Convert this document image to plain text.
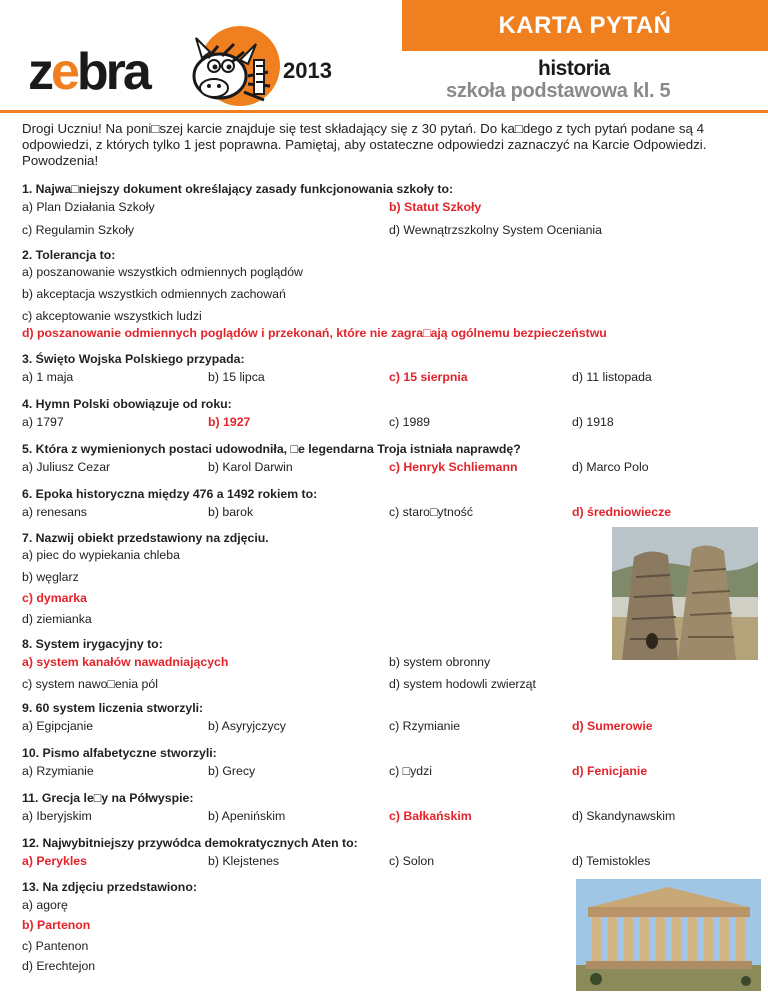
KARTA PYTAŃ
zebra	2013	historia
szkoła podstawowa kl. 5
Drogi Uczniu! Na poni□szej karcie znajduje się test składający się z 30 pytań. Do ka□dego z tych pytań podane są 4 odpowiedzi, z których tylko 1 jest poprawna. Pamiętaj, aby ostateczne odpowiedzi zaznaczyć na Karcie Odpowiedzi. Powodzenia!
1. Najwa□niejszy dokument określający zasady funkcjonowania szkoły to:
a) Plan Działania Szkoły	b) Statut Szkoły
c) Regulamin Szkoły	d) Wewnątrzszkolny System Oceniania
2. Tolerancja to:
a) poszanowanie wszystkich odmiennych poglądów
b) akceptacja wszystkich odmiennych zachowań
c) akceptowanie wszystkich ludzi
d) poszanowanie odmiennych poglądów i przekonań, które nie zagra□ają ogólnemu bezpieczeństwu
3. Święto Wojska Polskiego przypada:
a) 1 maja	b) 15 lipca	c) 15 sierpnia	d) 11 listopada
4. Hymn Polski obowiązuje od roku:
a) 1797	b) 1927	c) 1989	d) 1918
5. Która z wymienionych postaci udowodniła, □e legendarna Troja istniała naprawdę?
a) Juliusz Cezar	b) Karol Darwin	c) Henryk Schliemann	d) Marco Polo
6. Epoka historyczna między 476 a 1492 rokiem to:
a) renesans	b) barok	c) staro□ytność	d) średniowiecze
7. Nazwij obiekt przedstawiony na zdjęciu.
a) piec do wypiekania chleba
b) węglarz
c) dymarka
d) ziemianka
8. System irygacyjny to:
a) system kanałów nawadniających	b) system obronny
c) system nawo□enia pól	d) system hodowli zwierząt
9. 60 system liczenia stworzyli:
a) Egipcjanie	b) Asyryjczycy	c) Rzymianie	d) Sumerowie
10. Pismo alfabetyczne stworzyli:
a) Rzymianie	b) Grecy	c) □ydzi	d) Fenicjanie
11. Grecja le□y na Półwyspie:
a) Iberyjskim	b) Apenińskim	c) Bałkańskim	d) Skandynawskim
12. Najwybitniejszy przywódca demokratycznych Aten to:
a) Perykles	b) Klejstenes	c) Solon	d) Temistokles
13. Na zdjęciu przedstawiono:
a) agorę
b) Partenon
c) Pantenon
d) Erechtejon
